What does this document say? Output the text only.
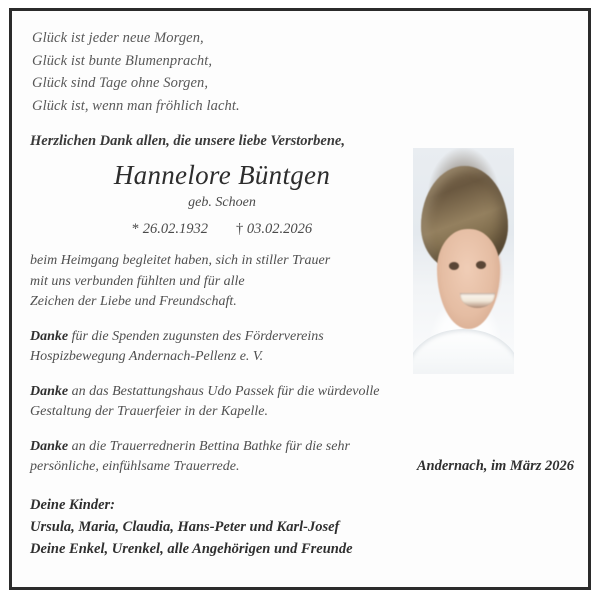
Glück ist jeder neue Morgen,
Glück ist bunte Blumenpracht,
Glück sind Tage ohne Sorgen,
Glück ist, wenn man fröhlich lacht.
Herzlichen Dank allen, die unsere liebe Verstorbene,
Hannelore Büntgen
geb. Schoen
* 26.02.1932 † 03.02.2026
beim Heimgang begleitet haben, sich in stiller Trauer
mit uns verbunden fühlten und für alle
Zeichen der Liebe und Freundschaft.
Danke für die Spenden zugunsten des Fördervereins
Hospizbewegung Andernach-Pellenz e. V.
Danke an das Bestattungshaus Udo Passek für die würdevolle
Gestaltung der Trauerfeier in der Kapelle.
Danke an die Trauerrednerin Bettina Bathke für die sehr
persönliche, einfühlsame Trauerrede.
Deine Kinder:
Ursula, Maria, Claudia, Hans-Peter und Karl-Josef
Deine Enkel, Urenkel, alle Angehörigen und Freunde
Andernach, im März 2026
